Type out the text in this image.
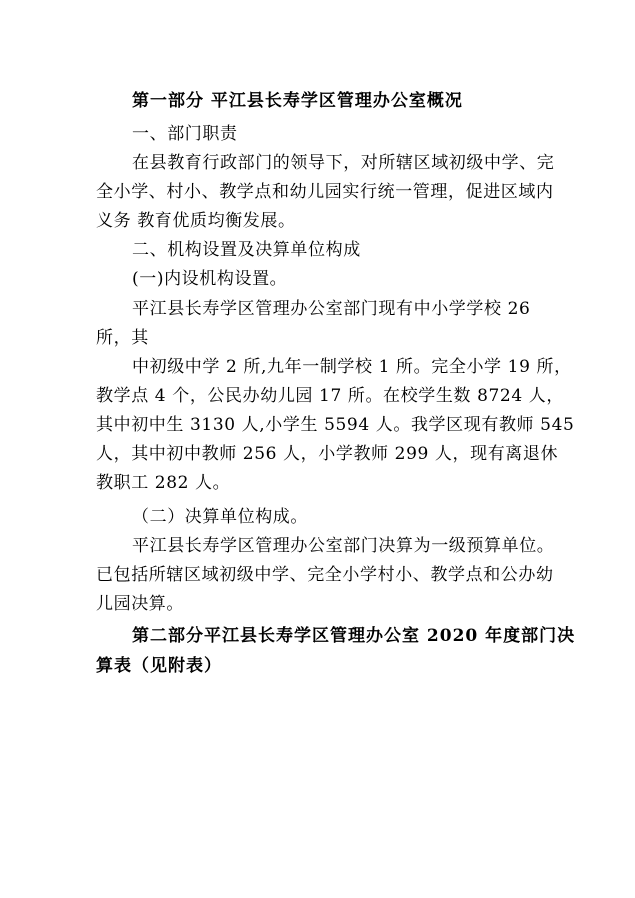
第一部分 平江县长寿学区管理办公室概况
一、部门职责
在县教育行政部门的领导下，对所辖区域初级中学、完
全小学、村小、教学点和幼儿园实行统一管理，促进区域内
义务 教育优质均衡发展。
二、机构设置及决算单位构成
(一)内设机构设置。
平江县长寿学区管理办公室部门现有中小学学校 26
所，其
中初级中学 2 所,九年一制学校 1 所。完全小学 19 所，
教学点 4 个，公民办幼儿园 17 所。在校学生数 8724 人，
其中初中生 3130 人,小学生 5594 人。我学区现有教师 545
人，其中初中教师 256 人，小学教师 299 人，现有离退休
教职工 282 人。
（二）决算单位构成。
平江县长寿学区管理办公室部门决算为一级预算单位。
已包括所辖区域初级中学、完全小学村小、教学点和公办幼
儿园决算。
第二部分平江县长寿学区管理办公室 2020 年度部门决
算表（见附表）
